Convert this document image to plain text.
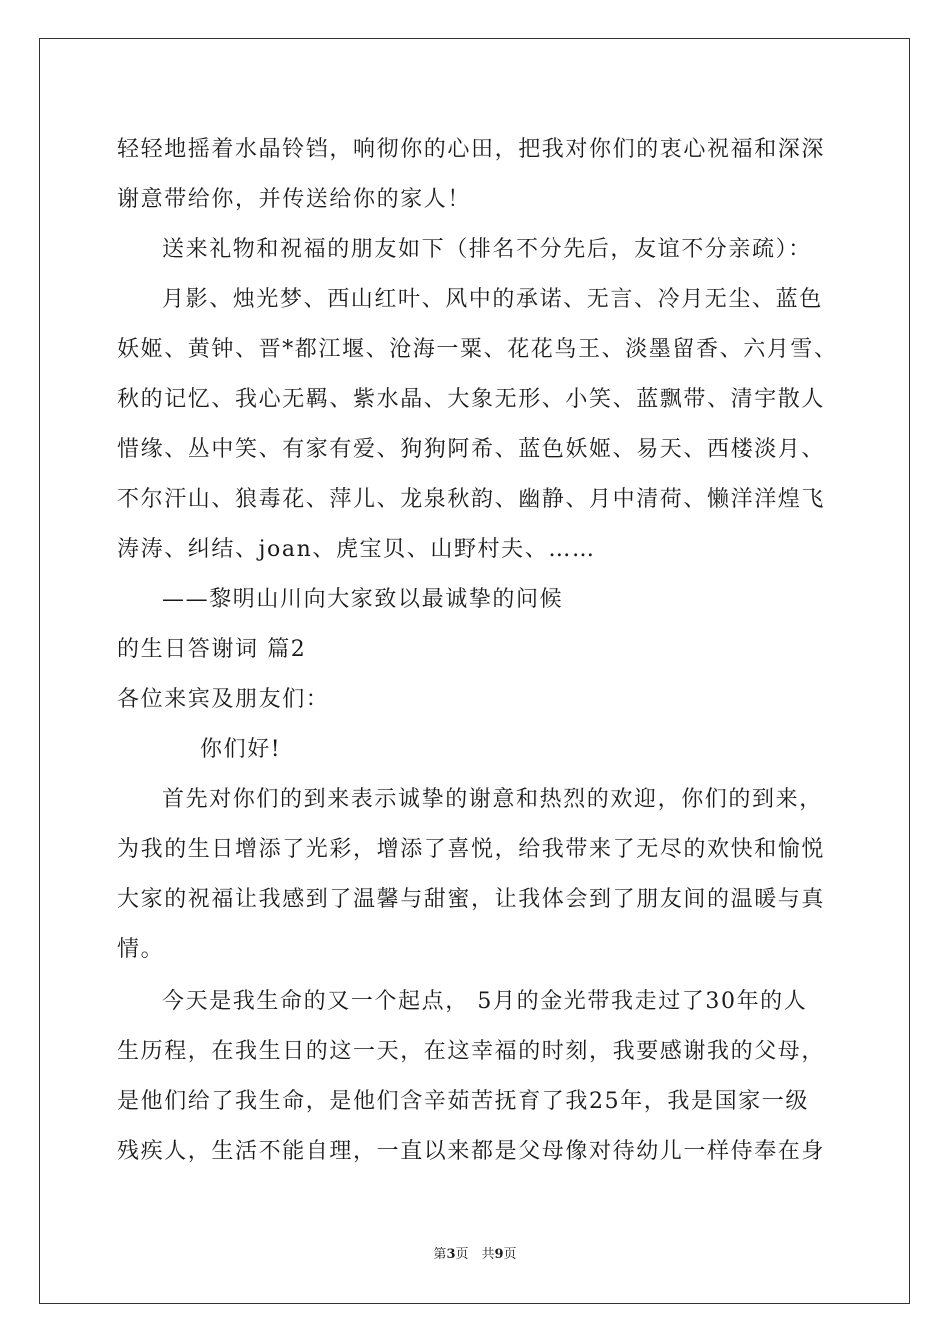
轻轻地摇着水晶铃铛，响彻你的心田，把我对你们的衷心祝福和深深
谢意带给你，并传送给你的家人！
送来礼物和祝福的朋友如下（排名不分先后，友谊不分亲疏）：
月影、烛光梦、西山红叶、风中的承诺、无言、冷月无尘、蓝色
妖姬、黄钟、晋*都江堰、沧海一粟、花花鸟王、淡墨留香、六月雪、
秋的记忆、我心无羁、紫水晶、大象无形、小笑、蓝飘带、清宇散人
惜缘、丛中笑、有家有爱、狗狗阿希、蓝色妖姬、易天、西楼淡月、
不尔汗山、狼毒花、萍儿、龙泉秋韵、幽静、月中清荷、懒洋洋煌飞
涛涛、纠结、joan、虎宝贝、山野村夫、……
——黎明山川向大家致以最诚挚的问候
的生日答谢词 篇2
各位来宾及朋友们：
你们好!
首先对你们的到来表示诚挚的谢意和热烈的欢迎，你们的到来，
为我的生日增添了光彩，增添了喜悦，给我带来了无尽的欢快和愉悦
大家的祝福让我感到了温馨与甜蜜，让我体会到了朋友间的温暖与真
情。
今天是我生命的又一个起点， 5月的金光带我走过了30年的人
生历程，在我生日的这一天，在这幸福的时刻，我要感谢我的父母，
是他们给了我生命，是他们含辛茹苦抚育了我25年，我是国家一级
残疾人，生活不能自理，一直以来都是父母像对待幼儿一样侍奉在身
第3页　共9页
